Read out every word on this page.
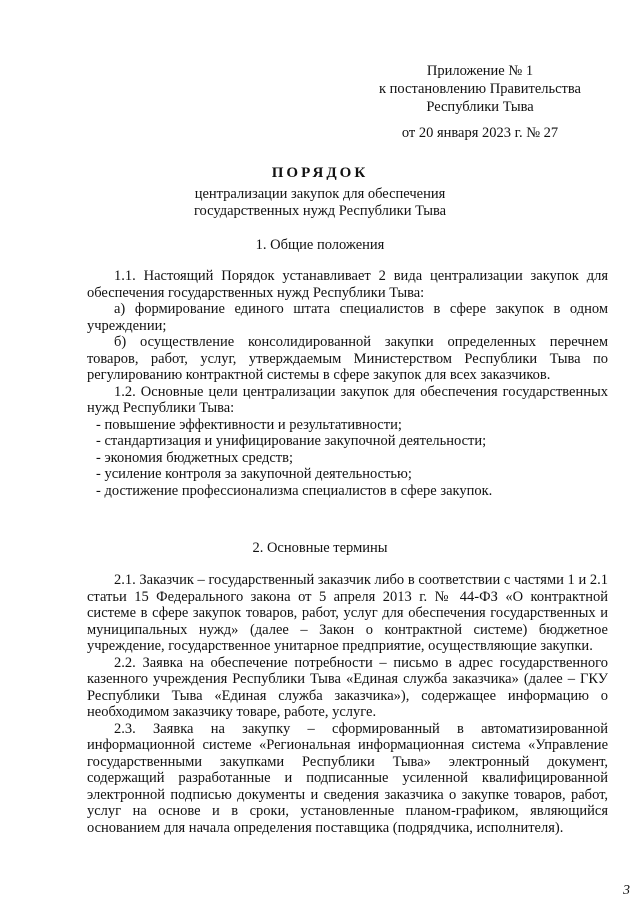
Приложение № 1
к постановлению Правительства
Республики Тыва
от 20 января 2023 г. № 27
ПОРЯДОК
централизации закупок для обеспечения
государственных нужд Республики Тыва
1. Общие положения

1.1. Настоящий Порядок устанавливает 2 вида централизации закупок для обеспечения государственных нужд Республики Тыва:

а) формирование единого штата специалистов в сфере закупок в одном учреждении;

б) осуществление консолидированной закупки определенных перечнем товаров, работ, услуг, утверждаемым Министерством Республики Тыва по регулированию контрактной системы в сфере закупок для всех заказчиков.

1.2. Основные цели централизации закупок для обеспечения государственных нужд Республики Тыва:

- повышение эффективности и результативности;

- стандартизация и унифицирование закупочной деятельности;

- экономия бюджетных средств;

- усиление контроля за закупочной деятельностью;

- достижение профессионализма специалистов в сфере закупок.

2. Основные термины

2.1. Заказчик – государственный заказчик либо в соответствии с частями 1 и 2.1 статьи 15 Федерального закона от 5 апреля 2013 г. № 44-ФЗ «О контрактной системе в сфере закупок товаров, работ, услуг для обеспечения государственных и муниципальных нужд» (далее – Закон о контрактной системе) бюджетное учреждение, государственное унитарное предприятие, осуществляющие закупки.

2.2. Заявка на обеспечение потребности – письмо в адрес государственного казенного учреждения Республики Тыва «Единая служба заказчика» (далее – ГКУ Республики Тыва «Единая служба заказчика»), содержащее информацию о необходимом заказчику товаре, работе, услуге.

2.3. Заявка на закупку – сформированный в автоматизированной информационной системе «Региональная информационная система «Управление государственными закупками Республики Тыва» электронный документ, содержащий разработанные и подписанные усиленной квалифицированной электронной подписью документы и сведения заказчика о закупке товаров, работ, услуг на основе и в сроки, установленные планом-графиком, являющийся основанием для начала определения поставщика (подрядчика, исполнителя).

3
